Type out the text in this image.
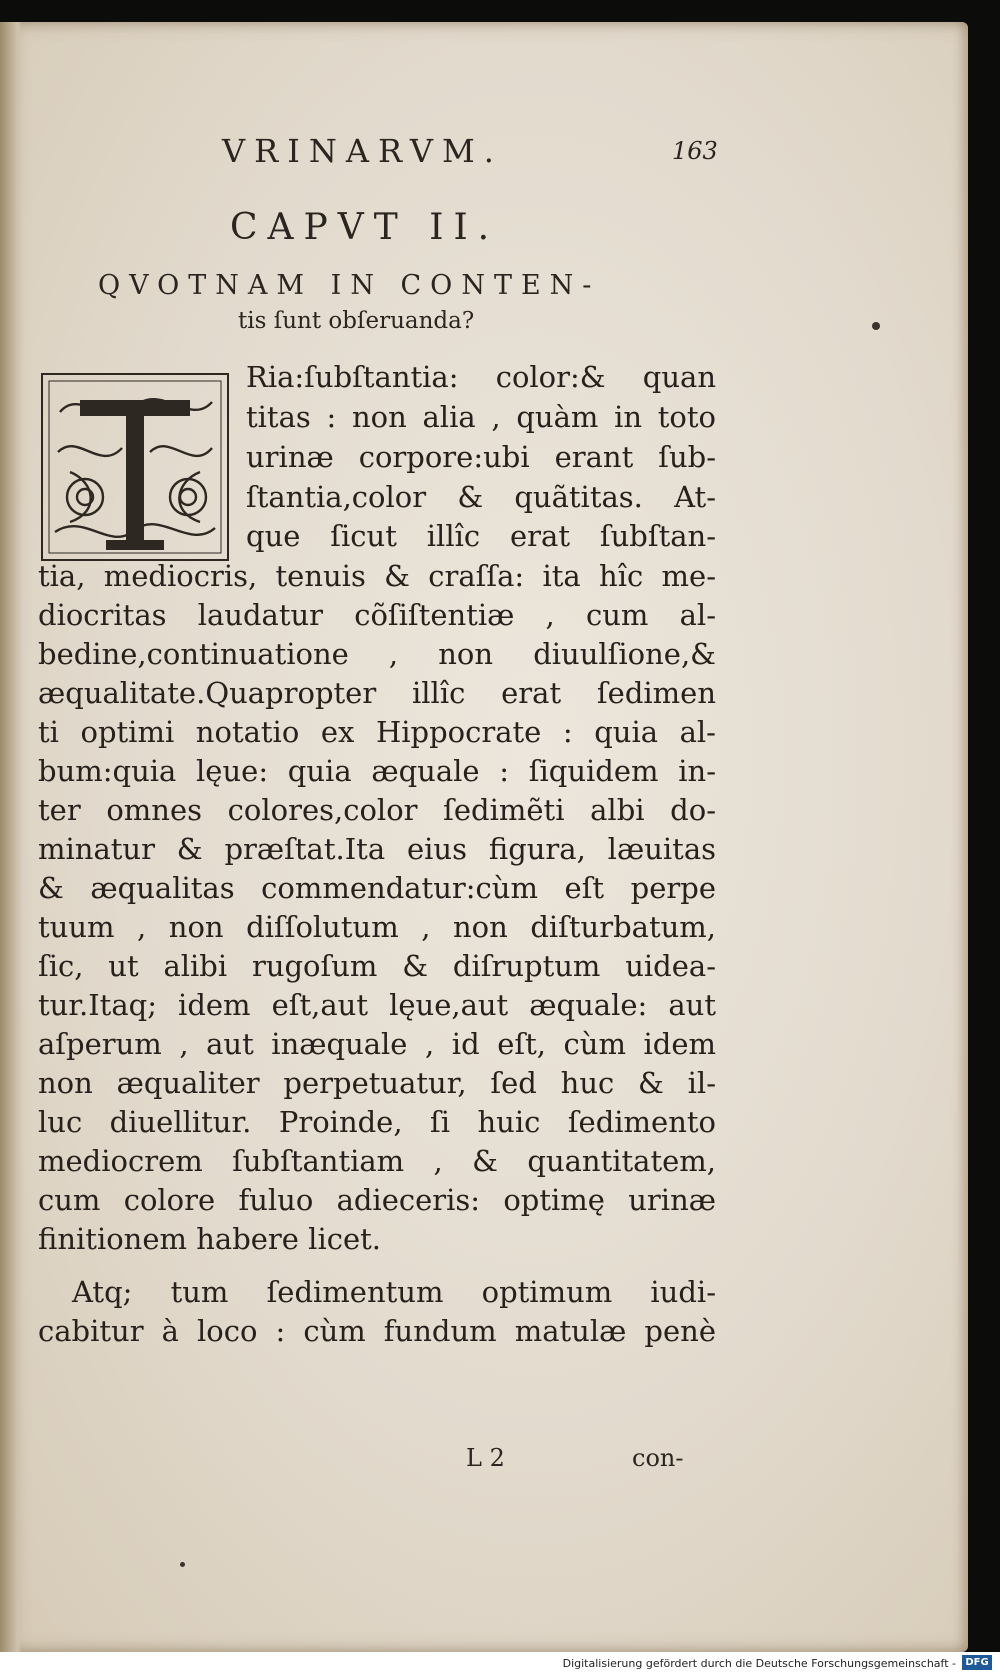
VRINARVM.	163
CAPVT II.
QVOTNAM IN CONTEN-
tis ſunt obſeruanda?
Ria:ſubſtantia: color:& quan
titas : non alia , quàm in toto
urinæ corpore:ubi erant ſub-
ſtantia,color & quãtitas. At-
que ſicut illîc erat ſubſtan-
tia, mediocris, tenuis & craſſa: ita hîc me-
diocritas laudatur cõſiſtentiæ , cum al-
bedine,continuatione , non diuulſione,&
æqualitate.Quapropter illîc erat ſedimen
ti optimi notatio ex Hippocrate : quia al-
bum:quia lęue: quia æquale : ſiquidem in-
ter omnes colores,color ſedimẽti albi do-
minatur & præſtat.Ita eius figura, læuitas
& æqualitas commendatur:cùm eſt perpe
tuum , non diſſolutum , non diſturbatum,
ſic, ut alibi rugoſum & diſruptum uidea-
tur.Itaq; idem eſt,aut lęue,aut æquale: aut
aſperum , aut inæquale , id eſt, cùm idem
non æqualiter perpetuatur, ſed huc & il-
luc diuellitur. Proinde, ſi huic ſedimento
mediocrem ſubſtantiam , & quantitatem,
cum colore fuluo adieceris: optimę urinæ
finitionem habere licet.
Atq; tum ſedimentum optimum iudi-
cabitur à loco : cùm fundum matulæ penè
L 2	con-
Digitalisierung gefördert durch die Deutsche Forschungsgemeinschaft - DFG
